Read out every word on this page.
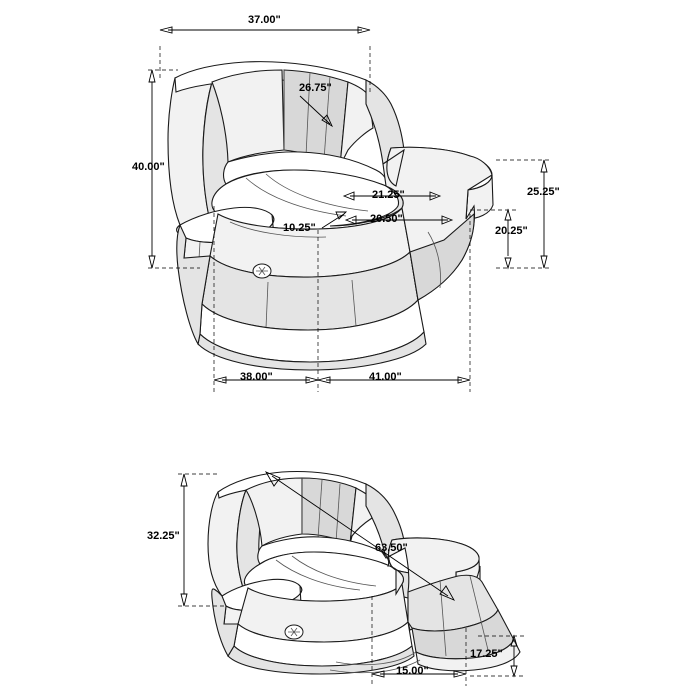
37.00"
26.75"
40.00"
21.25"
20.50"
10.25"
25.25"
20.25"
38.00"	41.00"
32.25"
63.50"
17.25"
15.00"
